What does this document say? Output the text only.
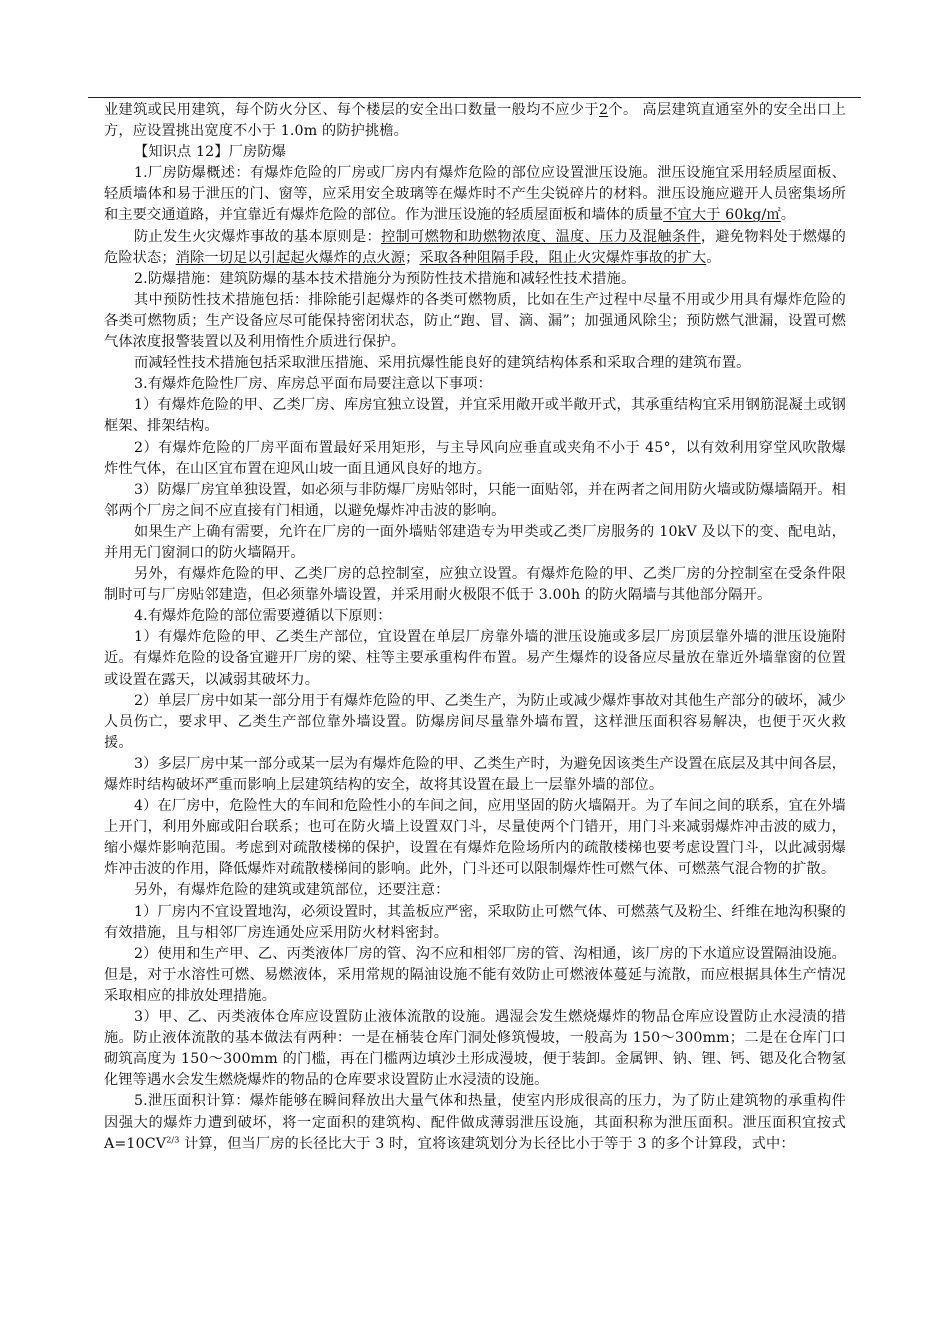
业建筑或民用建筑，每个防火分区、每个楼层的安全出口数量一般均不应少于2个。 高层建筑直通室外的安全出口上方，应设置挑出宽度不小于 1.0m 的防护挑檐。

【知识点 12】厂房防爆

1.厂房防爆概述：有爆炸危险的厂房或厂房内有爆炸危险的部位应设置泄压设施。泄压设施宜采用轻质屋面板、轻质墙体和易于泄压的门、窗等，应采用安全玻璃等在爆炸时不产生尖锐碎片的材料。泄压设施应避开人员密集场所和主要交通道路，并宜靠近有爆炸危险的部位。作为泄压设施的轻质屋面板和墙体的质量不宜大于 60kg/㎡。

防止发生火灾爆炸事故的基本原则是：控制可燃物和助燃物浓度、温度、压力及混触条件，避免物料处于燃爆的危险状态；消除一切足以引起起火爆炸的点火源；采取各种阻隔手段，阻止火灾爆炸事故的扩大。

2.防爆措施：建筑防爆的基本技术措施分为预防性技术措施和减轻性技术措施。

其中预防性技术措施包括：排除能引起爆炸的各类可燃物质，比如在生产过程中尽量不用或少用具有爆炸危险的各类可燃物质；生产设备应尽可能保持密闭状态，防止“跑、冒、滴、漏”；加强通风除尘；预防燃气泄漏，设置可燃气体浓度报警装置以及利用惰性介质进行保护。

而减轻性技术措施包括采取泄压措施、采用抗爆性能良好的建筑结构体系和采取合理的建筑布置。

3.有爆炸危险性厂房、库房总平面布局要注意以下事项：

1）有爆炸危险的甲、乙类厂房、库房宜独立设置，并宜采用敞开或半敞开式，其承重结构宜采用钢筋混凝土或钢框架、排架结构。

2）有爆炸危险的厂房平面布置最好采用矩形，与主导风向应垂直或夹角不小于 45°，以有效利用穿堂风吹散爆炸性气体，在山区宜布置在迎风山坡一面且通风良好的地方。

3）防爆厂房宜单独设置，如必须与非防爆厂房贴邻时，只能一面贴邻，并在两者之间用防火墙或防爆墙隔开。相邻两个厂房之间不应直接有门相通，以避免爆炸冲击波的影响。

如果生产上确有需要，允许在厂房的一面外墙贴邻建造专为甲类或乙类厂房服务的 10kV 及以下的变、配电站，并用无门窗洞口的防火墙隔开。

另外，有爆炸危险的甲、乙类厂房的总控制室，应独立设置。有爆炸危险的甲、乙类厂房的分控制室在受条件限制时可与厂房贴邻建造，但必须靠外墙设置，并采用耐火极限不低于 3.00h 的防火隔墙与其他部分隔开。

4.有爆炸危险的部位需要遵循以下原则：

1）有爆炸危险的甲、乙类生产部位，宜设置在单层厂房靠外墙的泄压设施或多层厂房顶层靠外墙的泄压设施附近。有爆炸危险的设备宜避开厂房的梁、柱等主要承重构件布置。易产生爆炸的设备应尽量放在靠近外墙靠窗的位置或设置在露天，以减弱其破坏力。

2）单层厂房中如某一部分用于有爆炸危险的甲、乙类生产，为防止或减少爆炸事故对其他生产部分的破坏，减少人员伤亡，要求甲、乙类生产部位靠外墙设置。防爆房间尽量靠外墙布置，这样泄压面积容易解决，也便于灭火救援。

3）多层厂房中某一部分或某一层为有爆炸危险的甲、乙类生产时，为避免因该类生产设置在底层及其中间各层，爆炸时结构破坏严重而影响上层建筑结构的安全，故将其设置在最上一层靠外墙的部位。

4）在厂房中，危险性大的车间和危险性小的车间之间，应用坚固的防火墙隔开。为了车间之间的联系，宜在外墙上开门，利用外廊或阳台联系；也可在防火墙上设置双门斗，尽量使两个门错开，用门斗来减弱爆炸冲击波的威力，缩小爆炸影响范围。考虑到对疏散楼梯的保护，设置在有爆炸危险场所内的疏散楼梯也要考虑设置门斗，以此减弱爆炸冲击波的作用，降低爆炸对疏散楼梯间的影响。此外，门斗还可以限制爆炸性可燃气体、可燃蒸气混合物的扩散。

另外，有爆炸危险的建筑或建筑部位，还要注意：

1）厂房内不宜设置地沟，必须设置时，其盖板应严密，采取防止可燃气体、可燃蒸气及粉尘、纤维在地沟积聚的有效措施，且与相邻厂房连通处应采用防火材料密封。

2）使用和生产甲、乙、丙类液体厂房的管、沟不应和相邻厂房的管、沟相通，该厂房的下水道应设置隔油设施。但是，对于水溶性可燃、易燃液体，采用常规的隔油设施不能有效防止可燃液体蔓延与流散，而应根据具体生产情况采取相应的排放处理措施。

3）甲、乙、丙类液体仓库应设置防止液体流散的设施。遇湿会发生燃烧爆炸的物品仓库应设置防止水浸渍的措施。防止液体流散的基本做法有两种：一是在桶装仓库门洞处修筑慢坡，一般高为 150～300mm；二是在仓库门口砌筑高度为 150～300mm 的门槛，再在门槛两边填沙土形成漫坡，便于装卸。金属钾、钠、锂、钙、锶及化合物氢化锂等遇水会发生燃烧爆炸的物品的仓库要求设置防止水浸渍的设施。

5.泄压面积计算：爆炸能够在瞬间释放出大量气体和热量，使室内形成很高的压力，为了防止建筑物的承重构件因强大的爆炸力遭到破坏，将一定面积的建筑构、配件做成薄弱泄压设施，其面积称为泄压面积。泄压面积宜按式 $A=10CV^{2/3}$ 计算，但当厂房的长径比大于 3 时，宜将该建筑划分为长径比小于等于 3 的多个计算段，式中：
